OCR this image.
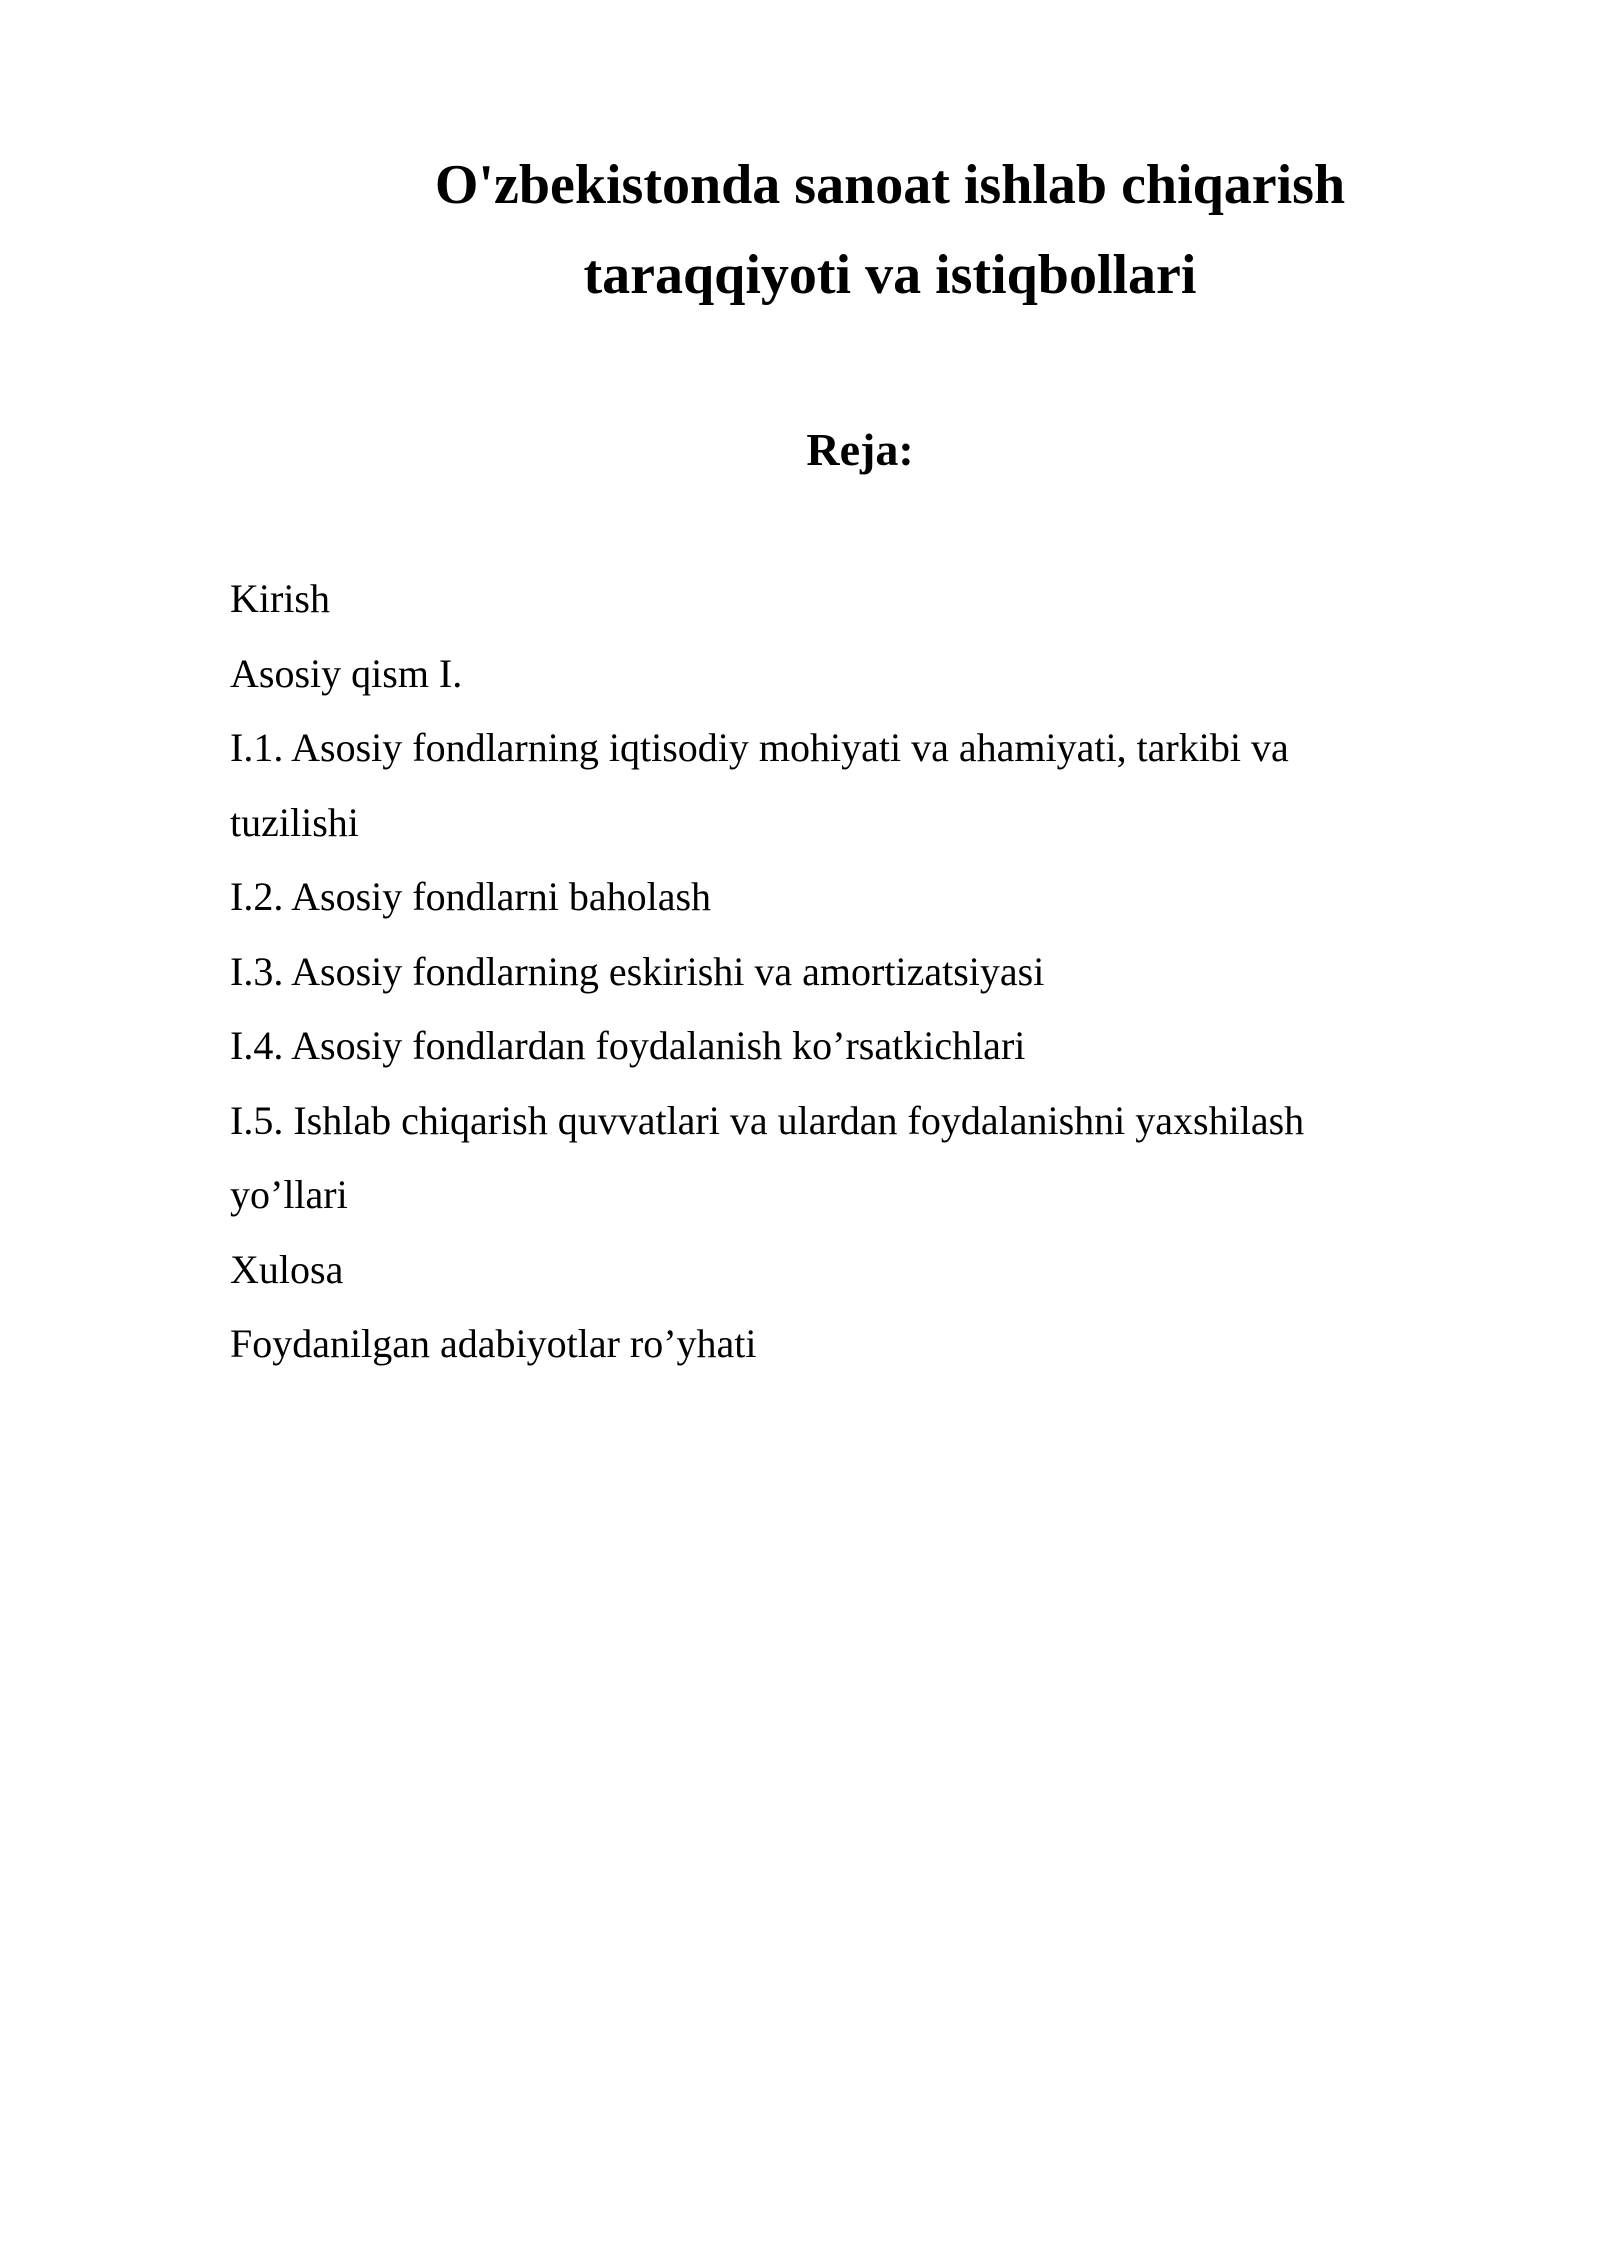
O'zbekistonda sanoat ishlab chiqarish
taraqqiyoti va istiqbollari
Reja:
Kirish
Asosiy qism I.
I.1. Asosiy fondlarning iqtisodiy mohiyati va ahamiyati, tarkibi va
tuzilishi
I.2. Asosiy fondlarni baholash
I.3. Asosiy fondlarning eskirishi va amortizatsiyasi
I.4. Asosiy fondlardan foydalanish ko’rsatkichlari
I.5. Ishlab chiqarish quvvatlari va ulardan foydalanishni yaxshilash
yo’llari
Xulosa
Foydanilgan adabiyotlar ro’yhati
